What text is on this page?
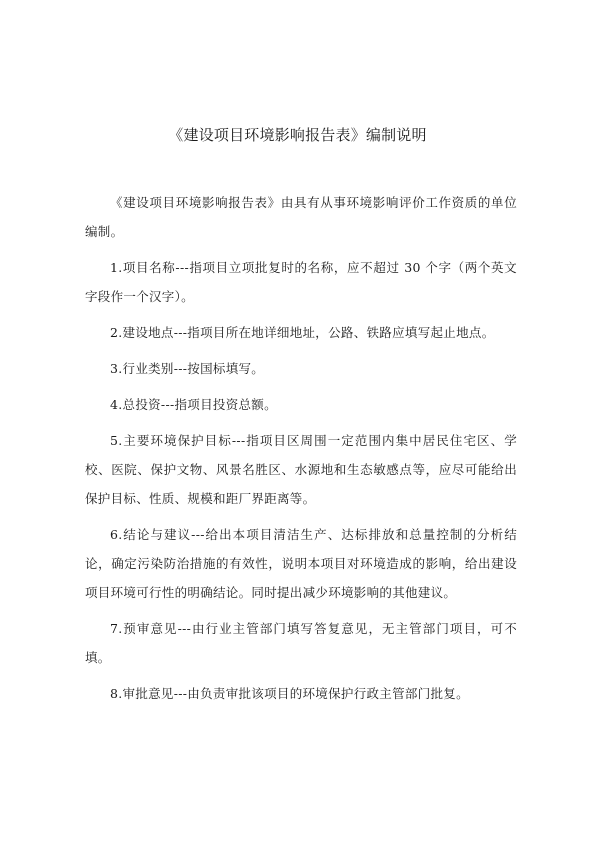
《建设项目环境影响报告表》编制说明

《建设项目环境影响报告表》由具有从事环境影响评价工作资质的单位编制。

1.项目名称---指项目立项批复时的名称，应不超过 30 个字（两个英文字段作一个汉字）。

2.建设地点---指项目所在地详细地址，公路、铁路应填写起止地点。

3.行业类别---按国标填写。

4.总投资---指项目投资总额。

5.主要环境保护目标---指项目区周围一定范围内集中居民住宅区、学校、医院、保护文物、风景名胜区、水源地和生态敏感点等，应尽可能给出保护目标、性质、规模和距厂界距离等。

6.结论与建议---给出本项目清洁生产、达标排放和总量控制的分析结论，确定污染防治措施的有效性，说明本项目对环境造成的影响，给出建设项目环境可行性的明确结论。同时提出减少环境影响的其他建议。

7.预审意见---由行业主管部门填写答复意见，无主管部门项目，可不填。

8.审批意见---由负责审批该项目的环境保护行政主管部门批复。
